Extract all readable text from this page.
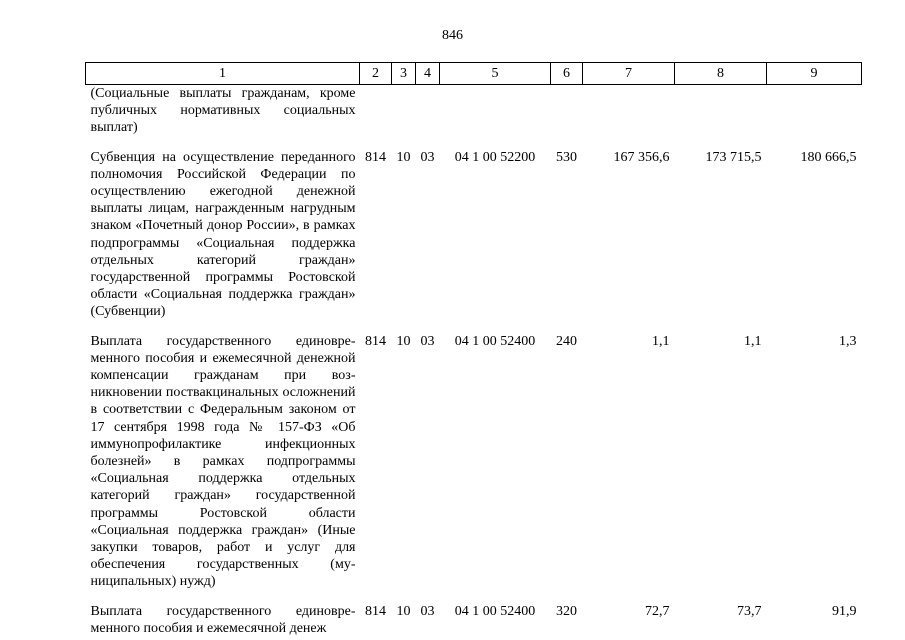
846
1	2	3	4	5	6	7	8	9
(Социальные выплаты гражданам, кроме публичных нормативных социальных выплат)								
Субвенция на осуществление переданного полномочия Российской Федерации по осуществлению ежегодной денежной выплаты лицам, награжденным нагрудным знаком «Почетный донор России», в рамках подпрограммы «Социальная поддержка отдельных категорий граждан» государственной программы Ростовской области «Социальная поддержка граждан» (Субвенции)	814	10	03	04 1 00 52200	530	167 356,6	173 715,5	180 666,5
Выплата государственного единовременного пособия и ежемесячной денежной компенсации гражданам при возникновении поствакцинальных осложнений в соответствии с Федеральным законом от 17 сентября 1998 года № 157-ФЗ «Об иммунопрофилактике инфекционных болезней» в рамках подпрограммы «Социальная поддержка отдельных категорий граждан» государственной программы Ростовской области «Социальная поддержка граждан» (Иные закупки товаров, работ и услуг для обеспечения государственных (муниципальных) нужд)	814	10	03	04 1 00 52400	240	1,1	1,1	1,3
Выплата государственного единовременного пособия и ежемесячной денеж	814	10	03	04 1 00 52400	320	72,7	73,7	91,9
